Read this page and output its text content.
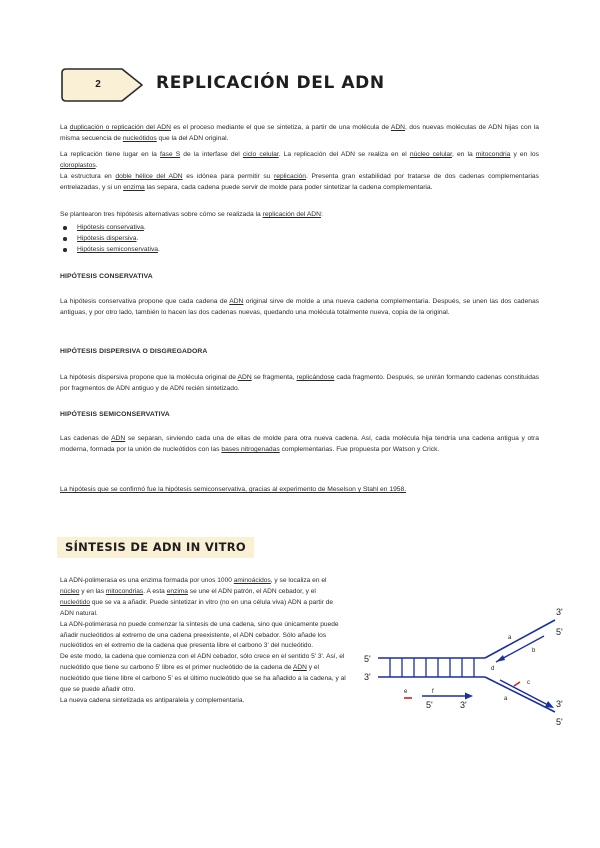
2	REPLICACIÓN DEL ADN

La duplicación o replicación del ADN es el proceso mediante el que se sintetiza, a partir de una molécula de ADN, dos nuevas moléculas de ADN hijas con la misma secuencia de nucleótidos que la del ADN original.

La replicación tiene lugar en la fase S de la interfase del ciclo celular. La replicación del ADN se realiza en el núcleo celular, en la mitocondria y en los cloroplastos.

La estructura en doble hélice del ADN es idónea para permitir su replicación. Presenta gran estabilidad por tratarse de dos cadenas complementarias entrelazadas, y si un enzima las separa, cada cadena puede servir de molde para poder sintetizar la cadena complementaria.

Se plantearon tres hipótesis alternativas sobre cómo se realizada la replicación del ADN:

Hipótesis conservativa.
Hipótesis dispersiva.
Hipótesis semiconservativa.

HIPÓTESIS CONSERVATIVA

La hipótesis conservativa propone que cada cadena de ADN original sirve de molde a una nueva cadena complementaria. Después, se unen las dos cadenas antiguas, y por otro lado, también lo hacen las dos cadenas nuevas, quedando una molécula totalmente nueva, copia de la original.

HIPÓTESIS DISPERSIVA O DISGREGADORA

La hipótesis dispersiva propone que la molécula original de ADN se fragmenta, replicándose cada fragmento. Después, se unirán formando cadenas constituidas por fragmentos de ADN antiguo y de ADN recién sintetizado.

HIPÓTESIS SEMICONSERVATIVA

Las cadenas de ADN se separan, sirviendo cada una de ellas de molde para otra nueva cadena. Así, cada molécula hija tendría una cadena antigua y otra moderna, formada por la unión de nucleótidos con las bases nitrogenadas complementarias. Fue propuesta por Watson y Crick.

La hipótesis que se confirmó fue la hipótesis semiconservativa, gracias al experimento de Meselson y Stahl en 1958.

SÍNTESIS DE ADN IN VITRO

La ADN-polimerasa es una enzima formada por unos 1000 aminoácidos, y se localiza en el núcleo y en las mitocondrias. A esta enzima se une el ADN patrón, el ADN cebador, y el nucleótido que se va a añadir. Puede sintetizar in vitro (no en una célula viva) ADN a partir de ADN natural.

La ADN-polimerasa no puede comenzar la síntesis de una cadena, sino que únicamente puede añadir nucleótidos al extremo de una cadena preexistente, el ADN cebador. Sólo añade los nucleótidos en el extremo de la cadena que presenta libre el carbono 3' del nucleótido.

De este modo, la cadena que comienza con el ADN cebador, sólo crece en el sentido 5' 3'. Así, el nucleótido que tiene su carbono 5' libre es el primer nucleótido de la cadena de ADN y el nucleótido que tiene libre el carbono 5' es el último nucleótido que se ha añadido a la cadena, y al que se puede añadir otro.

La nueva cadena sintetizada es antiparalela y complementaria.

3'
5'
5'
3'
3'
5'
5'	3'
a
b
d
c
a
e	f
